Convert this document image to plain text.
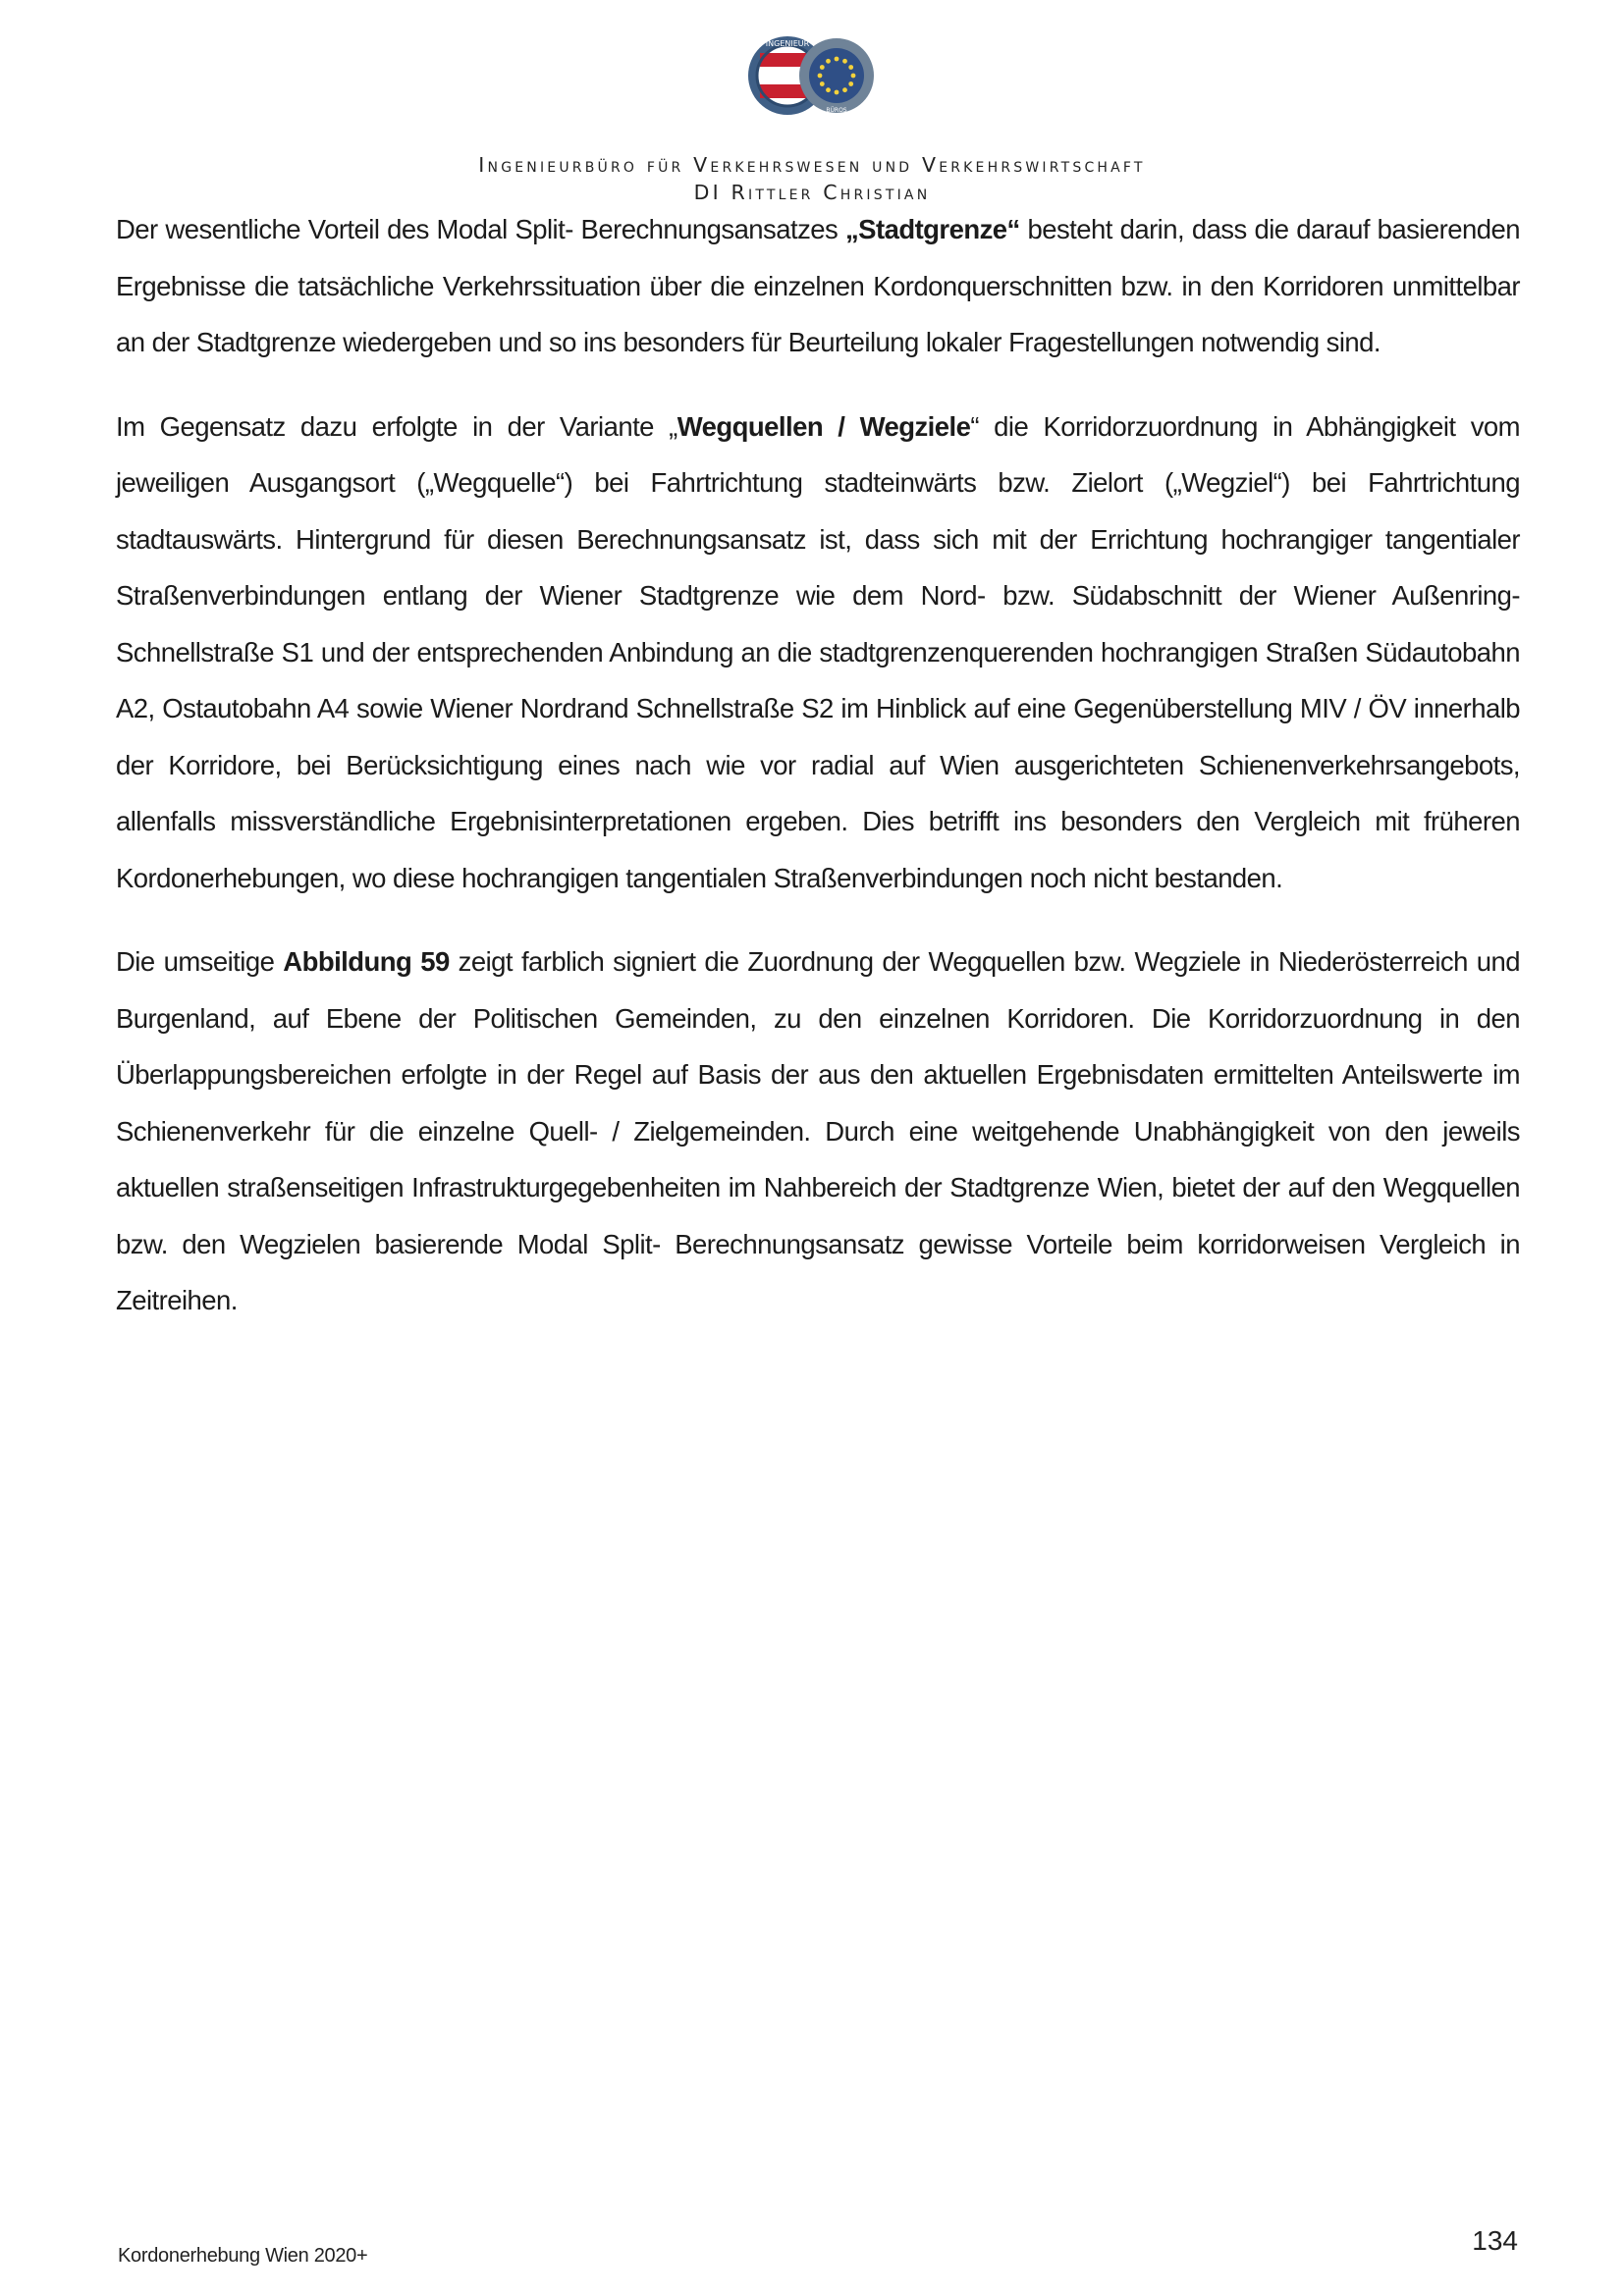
INGENIEUR
BÜROS
Ingenieurbüro für Verkehrswesen und Verkehrswirtschaft
DI Rittler Christian

Der wesentliche Vorteil des Modal Split- Berechnungsansatzes „Stadtgrenze“ besteht darin, dass die darauf basierenden Ergebnisse die tatsächliche Verkehrssituation über die einzelnen Kordonquerschnitten bzw. in den Korridoren unmittelbar an der Stadtgrenze wiedergeben und so ins besonders für Beurteilung lokaler Fragestellungen notwendig sind.

Im Gegensatz dazu erfolgte in der Variante „Wegquellen / Wegziele“ die Korridorzuordnung in Abhängigkeit vom jeweiligen Ausgangsort („Wegquelle“) bei Fahrtrichtung stadteinwärts bzw. Zielort („Wegziel“) bei Fahrtrichtung stadtauswärts. Hintergrund für diesen Berechnungsansatz ist, dass sich mit der Errichtung hochrangiger tangentialer Straßenverbindungen entlang der Wiener Stadtgrenze wie dem Nord- bzw. Südabschnitt der Wiener Außenring-Schnellstraße S1 und der entsprechenden Anbindung an die stadtgrenzenquerenden hochrangigen Straßen Südautobahn A2, Ostautobahn A4 sowie Wiener Nordrand Schnellstraße S2 im Hinblick auf eine Gegenüberstellung MIV / ÖV innerhalb der Korridore, bei Berücksichtigung eines nach wie vor radial auf Wien ausgerichteten Schienenverkehrsangebots, allenfalls missverständliche Ergebnisinterpretationen ergeben. Dies betrifft ins besonders den Vergleich mit früheren Kordonerhebungen, wo diese hochrangigen tangentialen Straßenverbindungen noch nicht bestanden.

Die umseitige Abbildung 59 zeigt farblich signiert die Zuordnung der Wegquellen bzw. Wegziele in Niederösterreich und Burgenland, auf Ebene der Politischen Gemeinden, zu den einzelnen Korridoren. Die Korridorzuordnung in den Überlappungsbereichen erfolgte in der Regel auf Basis der aus den aktuellen Ergebnisdaten ermittelten Anteilswerte im Schienenverkehr für die einzelne Quell- / Zielgemeinden. Durch eine weitgehende Unabhängigkeit von den jeweils aktuellen straßenseitigen Infrastrukturgegebenheiten im Nahbereich der Stadtgrenze Wien, bietet der auf den Wegquellen bzw. den Wegzielen basierende Modal Split- Berechnungsansatz gewisse Vorteile beim korridorweisen Vergleich in Zeitreihen.

Kordonerhebung Wien 2020+	134
